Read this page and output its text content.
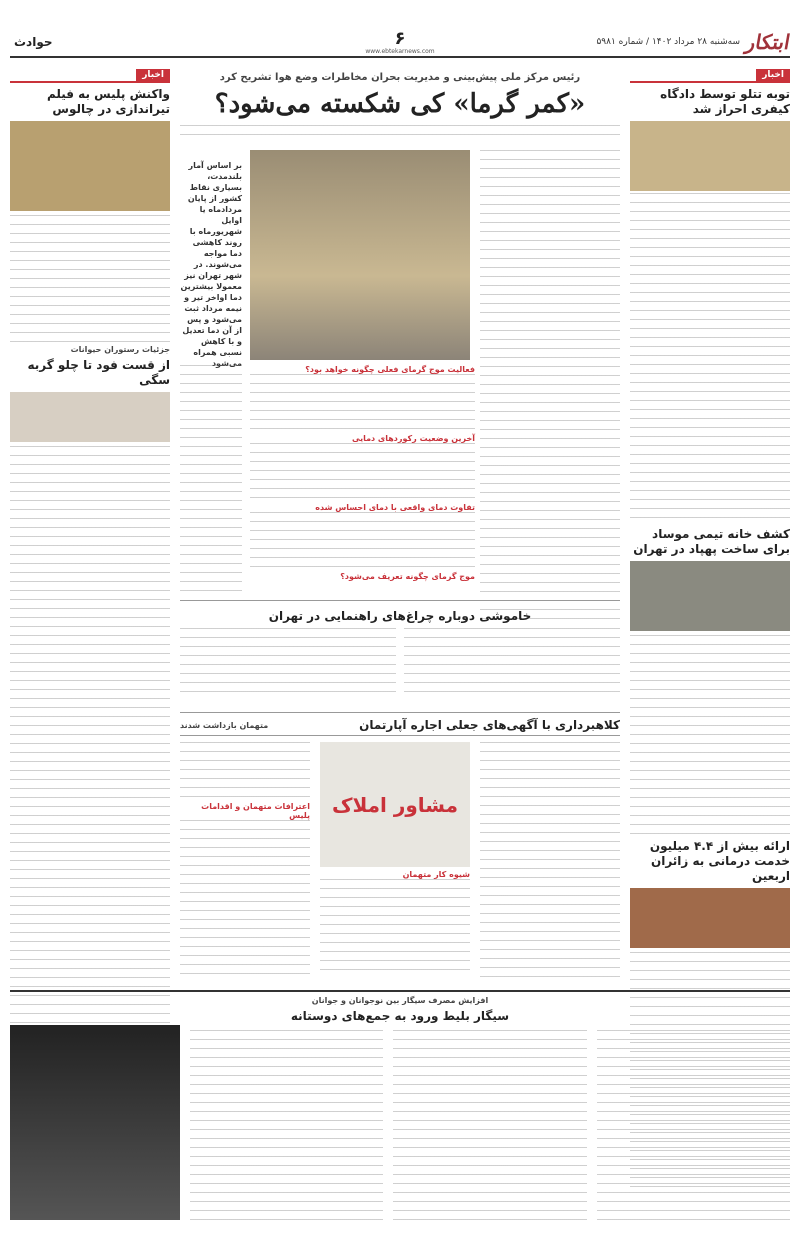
ابتکار
سه‌شنبه ۲۸ مرداد ۱۴۰۲ / شماره ۵۹۸۱
۶
www.ebtekarnews.com
حوادث
اخبار
توبه تتلو توسط دادگاه کیفری احراز شد
کشف خانه تیمی موساد برای ساخت پهپاد در تهران
ارائه بیش از ۴.۴ میلیون خدمت درمانی به زائران اربعین
اخبار
واکنش پلیس به فیلم تیراندازی در چالوس
جزئیات رستوران حیوانات
از قست فود تا چلو گربه سگی
رئیس مرکز ملی پیش‌بینی و مدیریت بحران مخاطرات وضع هوا تشریح کرد
«کمر گرما» کی شکسته می‌شود؟
بر اساس آمار بلندمدت، بسیاری نقاط کشور از پایان مردادماه یا اوایل شهریورماه با روند کاهشی دما مواجه می‌شوند. در شهر تهران نیز معمولا بیشترین دما اواخر تیر و نیمه مرداد ثبت می‌شود و پس از آن دما تعدیل و با کاهش نسبی همراه می‌شود
فعالیت موج گرمای فعلی چگونه خواهد بود؟
آخرین وضعیت رکوردهای دمایی
تفاوت دمای واقعی با دمای احساس شده
موج گرمای چگونه تعریف می‌شود؟
خاموشی دوباره چراغ‌های راهنمایی در تهران
کلاهبرداری با آگهی‌های جعلی اجاره آپارتمان
متهمان بازداشت شدند
مشاور املاک
شیوه کار متهمان
اعترافات متهمان و اقدامات پلیس
افزایش مصرف سیگار بین نوجوانان و جوانان
سیگار بلیط ورود به جمع‌های دوستانه
